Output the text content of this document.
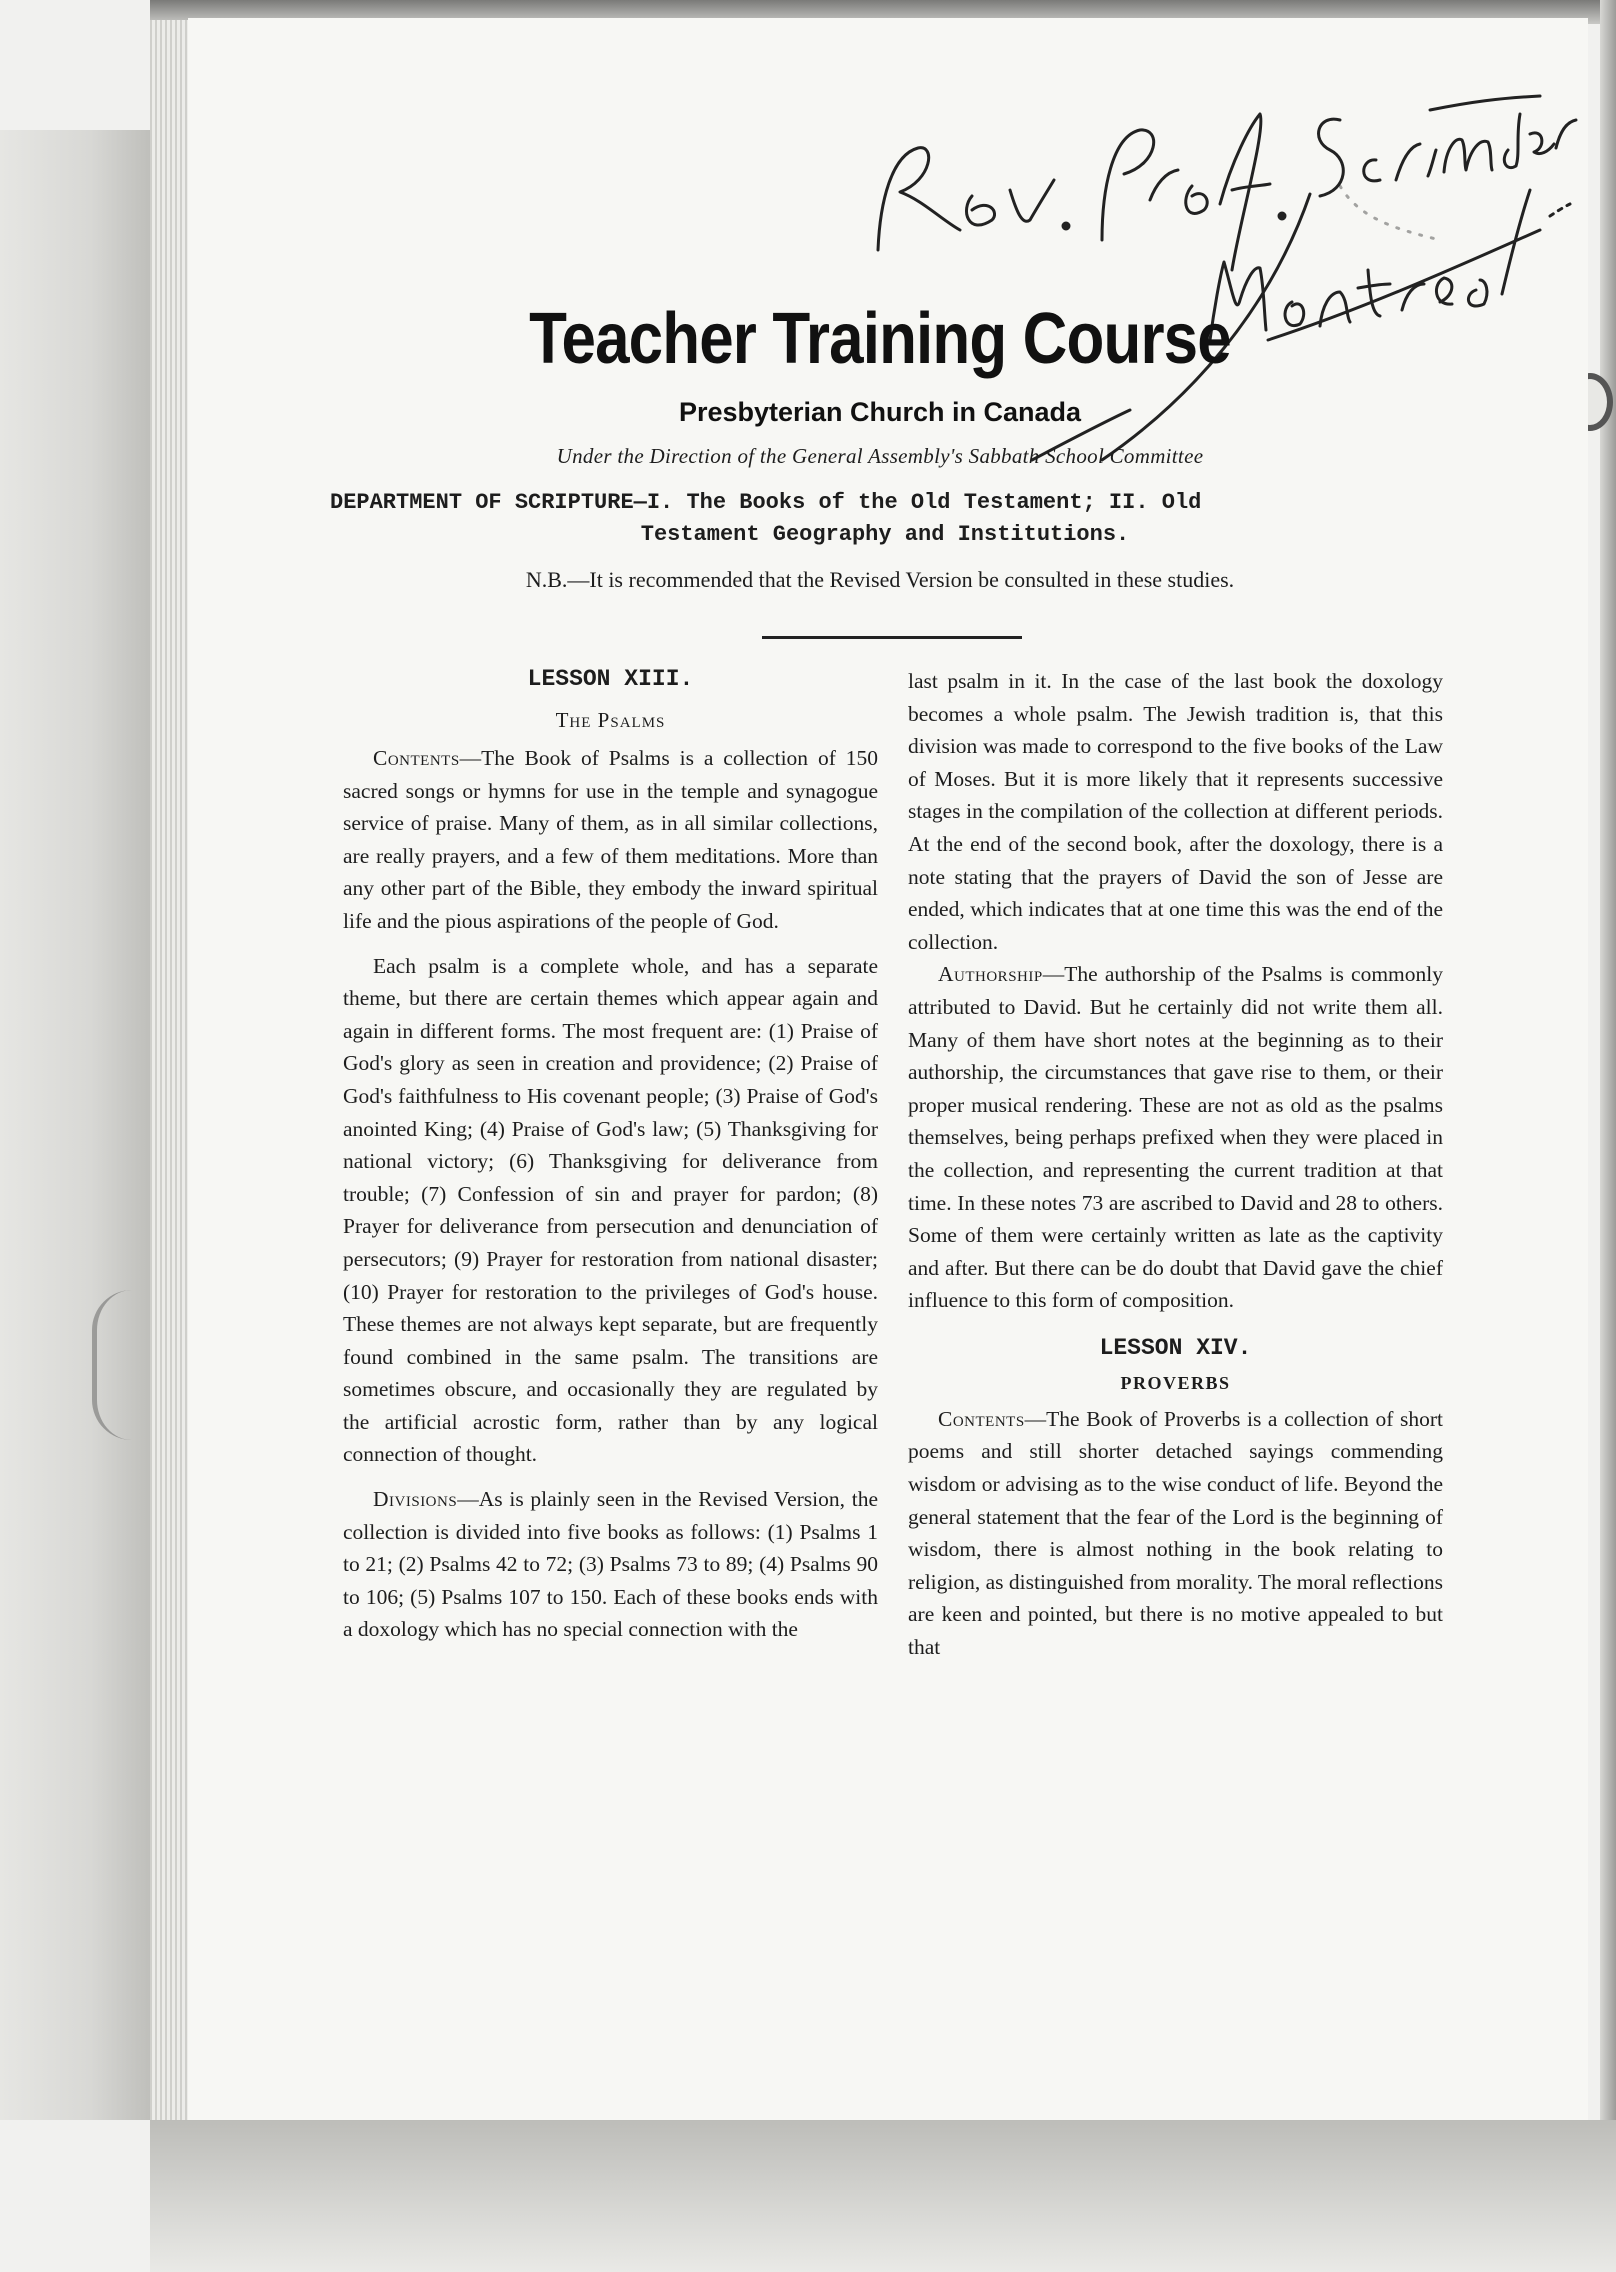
Teacher Training Course
Presbyterian Church in Canada
Under the Direction of the General Assembly's Sabbath School Committee
DEPARTMENT OF SCRIPTURE—I. The Books of the Old Testament; II. Old
Testament Geography and Institutions.
N.B.—It is recommended that the Revised Version be consulted in these studies.
LESSON XIII.
The Psalms

Contents—The Book of Psalms is a collection of 150 sacred songs or hymns for use in the temple and synagogue service of praise. Many of them, as in all similar collections, are really prayers, and a few of them meditations. More than any other part of the Bible, they embody the inward spiritual life and the pious aspirations of the people of God.

Each psalm is a complete whole, and has a separate theme, but there are certain themes which appear again and again in different forms. The most frequent are: (1) Praise of God's glory as seen in creation and providence; (2) Praise of God's faithfulness to His covenant people; (3) Praise of God's anointed King; (4) Praise of God's law; (5) Thanksgiving for national victory; (6) Thanksgiving for deliverance from trouble; (7) Confession of sin and prayer for pardon; (8) Prayer for deliverance from persecution and denunciation of persecutors; (9) Prayer for restoration from national disaster; (10) Prayer for restoration to the privileges of God's house. These themes are not always kept separate, but are frequently found combined in the same psalm. The transitions are sometimes obscure, and occasionally they are regulated by the artificial acrostic form, rather than by any logical connection of thought.

Divisions—As is plainly seen in the Revised Version, the collection is divided into five books as follows: (1) Psalms 1 to 21; (2) Psalms 42 to 72; (3) Psalms 73 to 89; (4) Psalms 90 to 106; (5) Psalms 107 to 150. Each of these books ends with a doxology which has no special connection with the

last psalm in it. In the case of the last book the doxology becomes a whole psalm. The Jewish tradition is, that this division was made to correspond to the five books of the Law of Moses. But it is more likely that it represents successive stages in the compilation of the collection at different periods. At the end of the second book, after the doxology, there is a note stating that the prayers of David the son of Jesse are ended, which indicates that at one time this was the end of the collection.

Authorship—The authorship of the Psalms is commonly attributed to David. But he certainly did not write them all. Many of them have short notes at the beginning as to their authorship, the circumstances that gave rise to them, or their proper musical rendering. These are not as old as the psalms themselves, being perhaps prefixed when they were placed in the collection, and representing the current tradition at that time. In these notes 73 are ascribed to David and 28 to others. Some of them were certainly written as late as the captivity and after. But there can be do doubt that David gave the chief influence to this form of composition.

LESSON XIV.
PROVERBS

Contents—The Book of Proverbs is a collection of short poems and still shorter detached sayings commending wisdom or advising as to the wise conduct of life. Beyond the general statement that the fear of the Lord is the beginning of wisdom, there is almost nothing in the book relating to religion, as distinguished from morality. The moral reflections are keen and pointed, but there is no motive appealed to but that
